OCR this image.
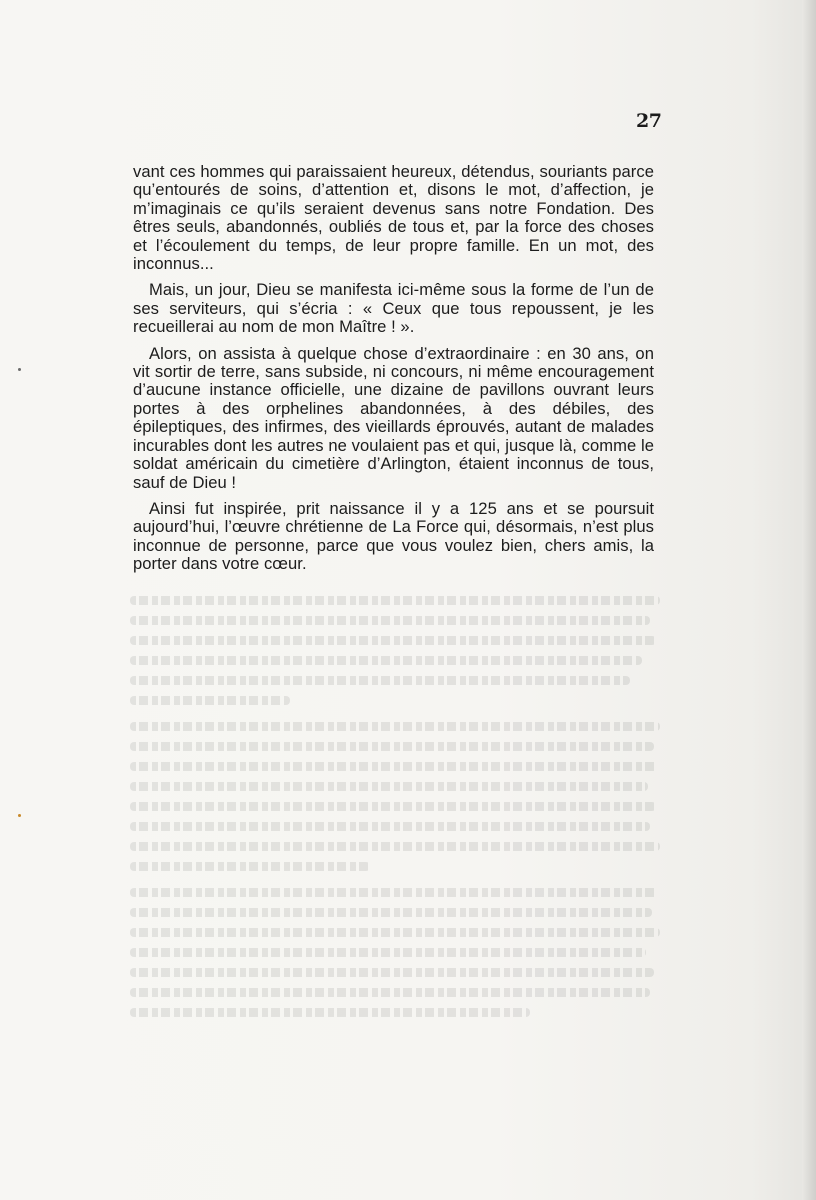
27

vant ces hommes qui paraissaient heureux, détendus, souriants parce qu’entourés de soins, d’attention et, disons le mot, d’affection, je m’imaginais ce qu’ils seraient devenus sans notre Fondation. Des êtres seuls, abandonnés, oubliés de tous et, par la force des choses et l’écoulement du temps, de leur propre famille. En un mot, des inconnus...

Mais, un jour, Dieu se manifesta ici-même sous la forme de l’un de ses serviteurs, qui s’écria : « Ceux que tous repoussent, je les recueillerai au nom de mon Maître ! ».

Alors, on assista à quelque chose d’extraordinaire : en 30 ans, on vit sortir de terre, sans subside, ni concours, ni même encouragement d’aucune instance officielle, une dizaine de pavillons ouvrant leurs portes à des orphelines abandonnées, à des débiles, des épileptiques, des infirmes, des vieillards éprouvés, autant de malades incurables dont les autres ne voulaient pas et qui, jusque là, comme le soldat américain du cimetière d’Arlington, étaient inconnus de tous, sauf de Dieu !

Ainsi fut inspirée, prit naissance il y a 125 ans et se poursuit aujourd’hui, l’œuvre chrétienne de La Force qui, désormais, n’est plus inconnue de personne, parce que vous voulez bien, chers amis, la porter dans votre cœur.
